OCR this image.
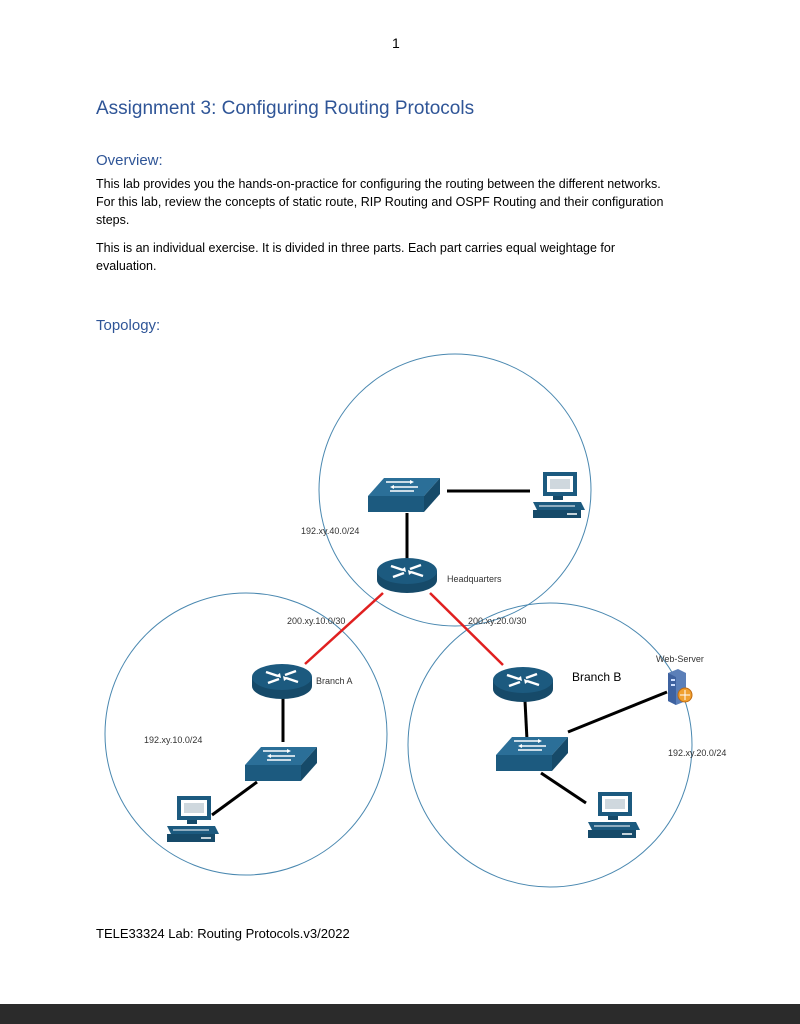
1
Assignment 3: Configuring Routing Protocols
Overview:
This lab provides you the hands-on-practice for configuring the routing between the different networks.
For this lab, review the concepts of static route, RIP Routing and OSPF Routing and their configuration
steps.
This is an individual exercise. It is divided in three parts. Each part carries equal weightage for
evaluation.
Topology:
192.xy.40.0/24
Headquarters
200.xy.10.0/30	200.xy.20.0/30
Branch A	Branch B
Web-Server
192.xy.10.0/24
192.xy.20.0/24
TELE33324 Lab: Routing Protocols.v3/2022
